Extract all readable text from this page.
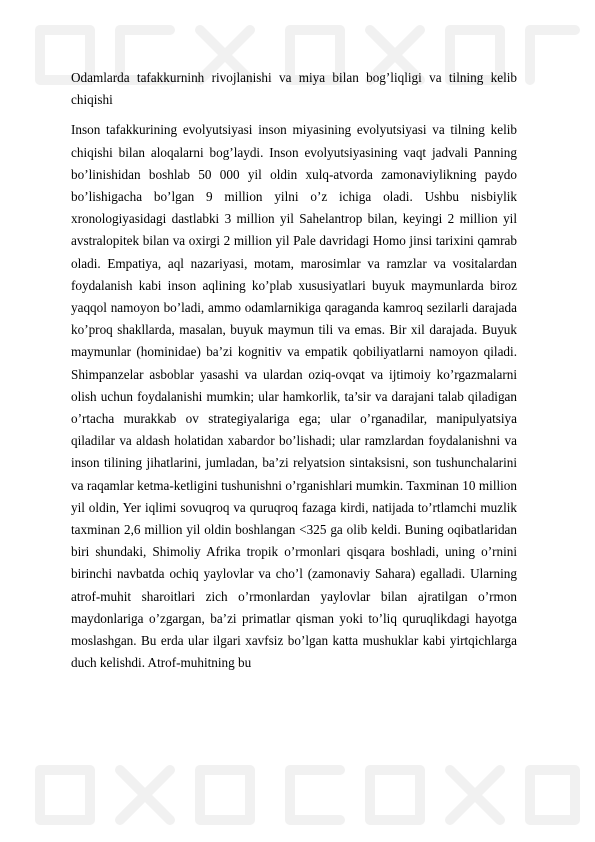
Odamlarda tafakkurninh rivojlanishi va miya bilan bog’liqligi va tilning kelib chiqishi

Inson tafakkurining evolyutsiyasi inson miyasining evolyutsiyasi va tilning kelib chiqishi bilan aloqalarni bog’laydi. Inson evolyutsiyasining vaqt jadvali Panning bo’linishidan boshlab 50 000 yil oldin xulq-atvorda zamonaviylikning paydo bo’lishigacha bo’lgan 9 million yilni o’z ichiga oladi. Ushbu nisbiylik xronologiyasidagi dastlabki 3 million yil Sahelantrop bilan, keyingi 2 million yil avstralopitek bilan va oxirgi 2 million yil Pale davridagi Homo jinsi tarixini qamrab oladi. Empatiya, aql nazariyasi, motam, marosimlar va ramzlar va vositalardan foydalanish kabi inson aqlining ko’plab xususiyatlari buyuk maymunlarda biroz yaqqol namoyon bo’ladi, ammo odamlarnikiga qaraganda kamroq sezilarli darajada ko’proq shakllarda, masalan, buyuk maymun tili va emas. Bir xil darajada. Buyuk maymunlar (hominidae) ba’zi kognitiv va empatik qobiliyatlarni namoyon qiladi. Shimpanzelar asboblar yasashi va ulardan oziq-ovqat va ijtimoiy ko’rgazmalarni olish uchun foydalanishi mumkin; ular hamkorlik, ta’sir va darajani talab qiladigan o’rtacha murakkab ov strategiyalariga ega; ular o’rganadilar, manipulyatsiya qiladilar va aldash holatidan xabardor bo’lishadi; ular ramzlardan foydalanishni va inson tilining jihatlarini, jumladan, ba’zi relyatsion sintaksisni, son tushunchalarini va raqamlar ketma-ketligini tushunishni o’rganishlari mumkin. Taxminan 10 million yil oldin, Yer iqlimi sovuqroq va quruqroq fazaga kirdi, natijada to’rtlamchi muzlik taxminan 2,6 million yil oldin boshlangan <325 ga olib keldi. Buning oqibatlaridan biri shundaki, Shimoliy Afrika tropik o’rmonlari qisqara boshladi, uning o’rnini birinchi navbatda ochiq yaylovlar va cho’l (zamonaviy Sahara) egalladi. Ularning atrof-muhit sharoitlari zich o’rmonlardan yaylovlar bilan ajratilgan o’rmon maydonlariga o’zgargan, ba’zi primatlar qisman yoki to’liq quruqlikdagi hayotga moslashgan. Bu erda ular ilgari xavfsiz bo’lgan katta mushuklar kabi yirtqichlarga duch kelishdi. Atrof-muhitning bu
